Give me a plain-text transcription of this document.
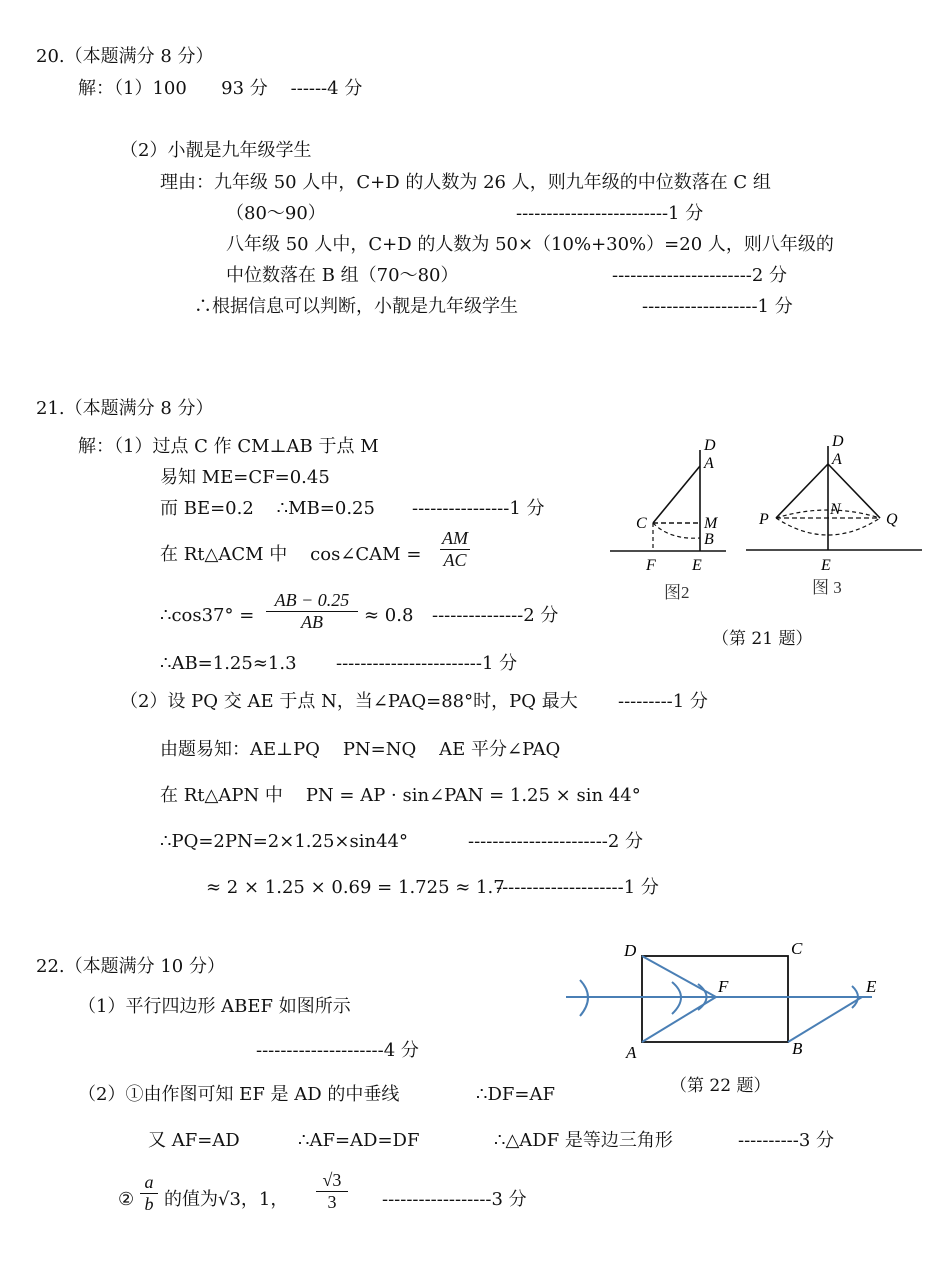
20.（本题满分 8 分）
解：（1）100      93 分    ------4 分
（2）小靓是九年级学生
理由：九年级 50 人中，C+D 的人数为 26 人，则九年级的中位数落在 C 组
（80～90）	-------------------------1 分
八年级 50 人中，C+D 的人数为 50×（10%+30%）=20 人，则八年级的
中位数落在 B 组（70～80）	-----------------------2 分
∴根据信息可以判断，小靓是九年级学生	-------------------1 分
21.（本题满分 8 分）
解：（1）过点 C 作 CM⊥AB 于点 M
易知 ME=CF=0.45
而 BE=0.2    ∴MB=0.25 ----------------1 分
在 Rt△ACM 中    cos∠CAM = $\frac{AM}{AC}$
∴cos37° = $\frac{AB - 0.25}{AB} \approx 0.8$ ---------------2 分
∴AB=1.25≈1.3 ------------------------1 分
（2）设 PQ 交 AE 于点 N，当∠PAQ=88°时，PQ 最大 ---------1 分
由题易知：AE⊥PQ    PN=NQ    AE 平分∠PAQ
在 Rt△APN 中    PN = AP · sin∠PAN = 1.25 × sin 44°
∴PQ=2PN=2×1.25×sin44°	-----------------------2 分
≈ 2 × 1.25 × 0.69 = 1.725 ≈ 1.7
---------------------1 分
D
A
C	M
B
F E
D
A
P
N
Q
E
图2	图 3
（第 21 题）
22.（本题满分 10 分）
（1）平行四边形 ABEF 如图所示
---------------------4 分
（2）①由作图可知 EF 是 AD 的中垂线	∴DF=AF
又 AF=AD	∴AF=AD=DF	∴△ADF 是等边三角形	----------3 分
② $\frac{a}{b}$ 的值为√3，1， $\frac{√3}{3} ------------------3$ 分
D	C
F	E
A	B
（第 22 题）
